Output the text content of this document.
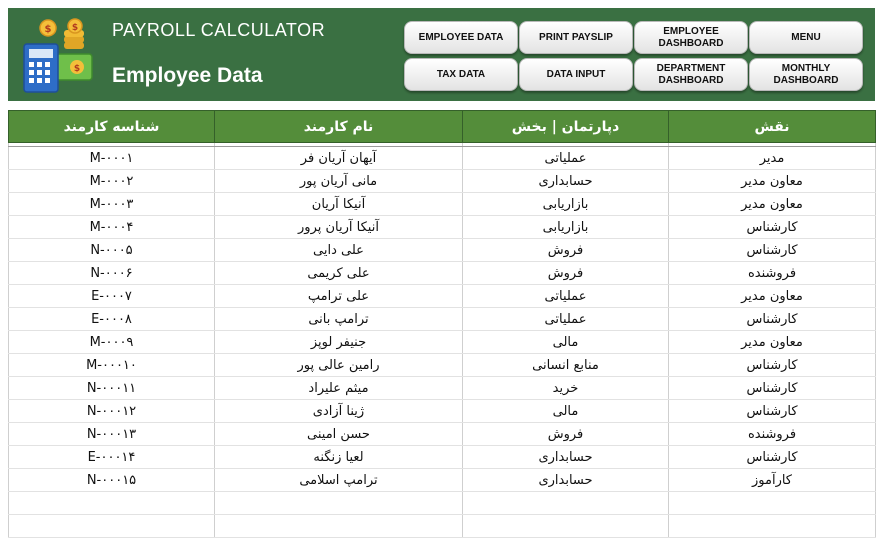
$ $
$
PAYROLL CALCULATOR
Employee Data
EMPLOYEE DATA	PRINT PAYSLIP
EMPLOYEE DASHBOARD
MENU
TAX DATA	DATA INPUT
DEPARTMENT DASHBOARD
MONTHLY DASHBOARD
شناسه کارمند	نام کارمند	دپارتمان | بخش	نقش

M-۰۰۰۱	آیهان آریان فر	عملیاتی	مدیر
M-۰۰۰۲	مانی آریان پور	حسابداری	معاون مدیر
M-۰۰۰۳	آنیکا آریان	بازاریابی	معاون مدیر
M-۰۰۰۴	آنیکا آریان پرور	بازاریابی	کارشناس
N-۰۰۰۵	علی دایی	فروش	کارشناس
N-۰۰۰۶	علی کریمی	فروش	فروشنده
E-۰۰۰۷	علی ترامپ	عملیاتی	معاون مدیر
E-۰۰۰۸	ترامپ بانی	عملیاتی	کارشناس
M-۰۰۰۹	جنیفر لوپز	مالی	معاون مدیر
M-۰۰۰۱۰	رامین عالی پور	منابع انسانی	کارشناس
N-۰۰۰۱۱	میثم علیراد	خرید	کارشناس
N-۰۰۰۱۲	ژینا آزادی	مالی	کارشناس
N-۰۰۰۱۳	حسن امینی	فروش	فروشنده
E-۰۰۰۱۴	لعیا زنگنه	حسابداری	کارشناس
N-۰۰۰۱۵	ترامپ اسلامی	حسابداری	کارآموز
